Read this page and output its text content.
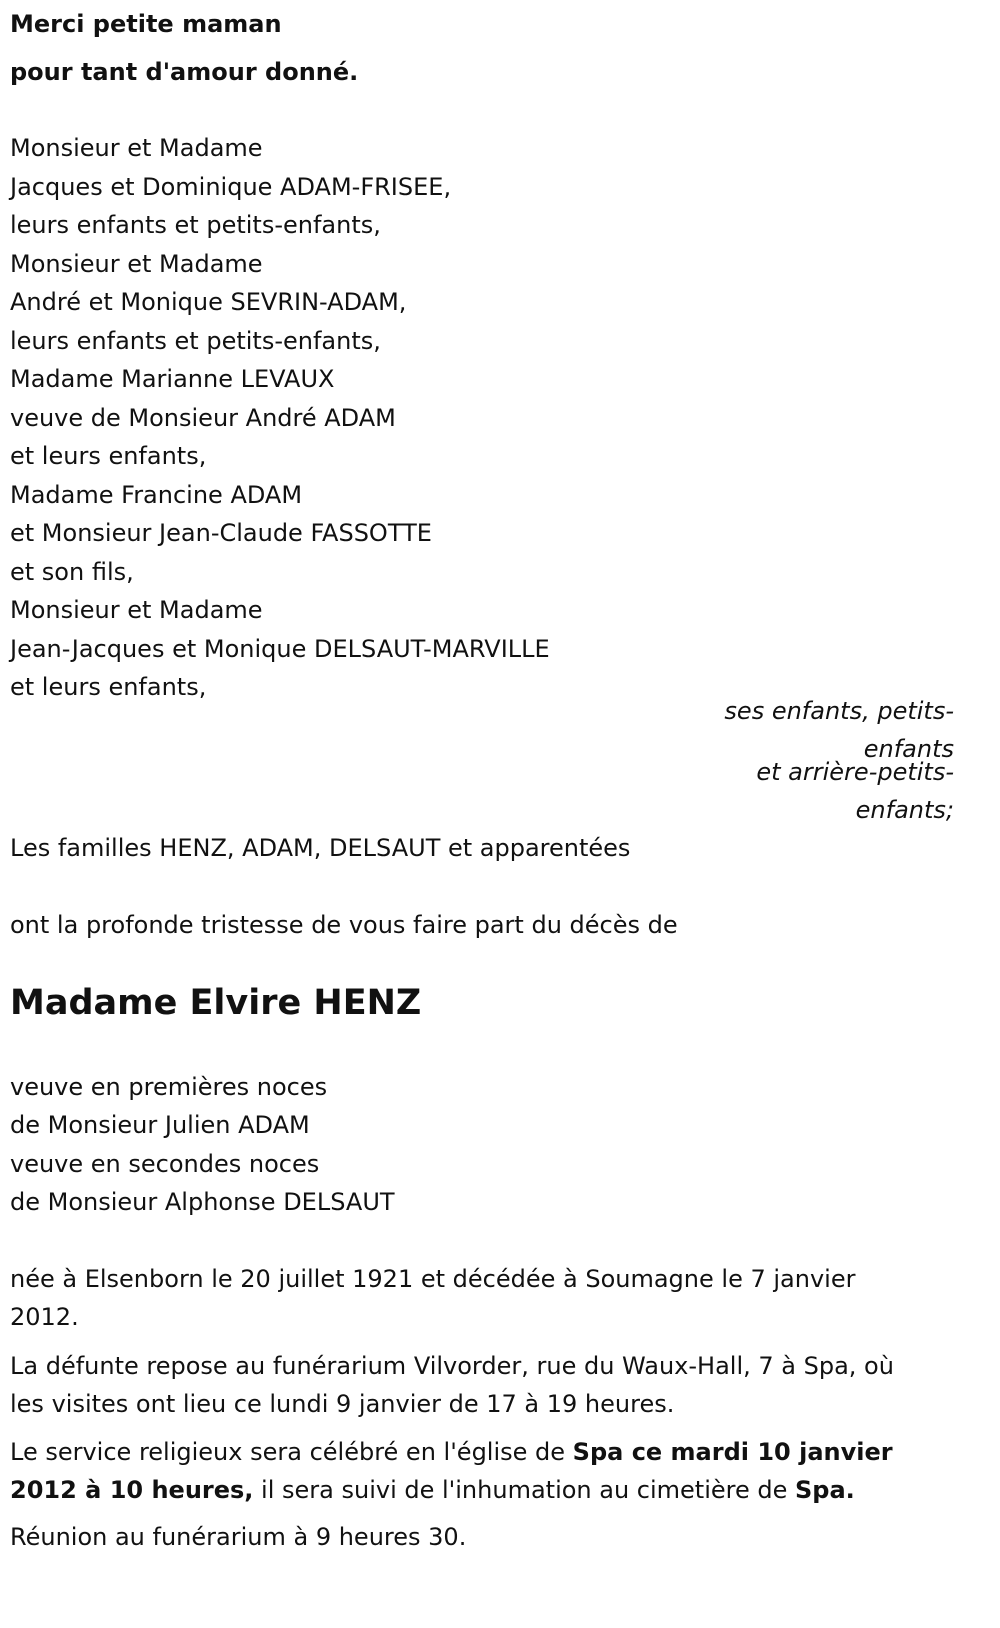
Merci petite maman
pour tant d'amour donné.
Monsieur et Madame
Jacques et Dominique ADAM-FRISEE,
leurs enfants et petits-enfants,
Monsieur et Madame
André et Monique SEVRIN-ADAM,
leurs enfants et petits-enfants,
Madame Marianne LEVAUX
veuve de Monsieur André ADAM
et leurs enfants,
Madame Francine ADAM
et Monsieur Jean-Claude FASSOTTE
et son fils,
Monsieur et Madame
Jean-Jacques et Monique DELSAUT-MARVILLE
et leurs enfants,
ses enfants, petits-
enfants
et arrière-petits-
enfants;
Les familles HENZ, ADAM, DELSAUT et apparentées
ont la profonde tristesse de vous faire part du décès de
Madame Elvire HENZ
veuve en premières noces
de Monsieur Julien ADAM
veuve en secondes noces
de Monsieur Alphonse DELSAUT
née à Elsenborn le 20 juillet 1921 et décédée à Soumagne le 7 janvier
2012.
La défunte repose au funérarium Vilvorder, rue du Waux-Hall, 7 à Spa, où
les visites ont lieu ce lundi 9 janvier de 17 à 19 heures.
Le service religieux sera célébré en l'église de Spa ce mardi 10 janvier
2012 à 10 heures, il sera suivi de l'inhumation au cimetière de Spa.
Réunion au funérarium à 9 heures 30.
